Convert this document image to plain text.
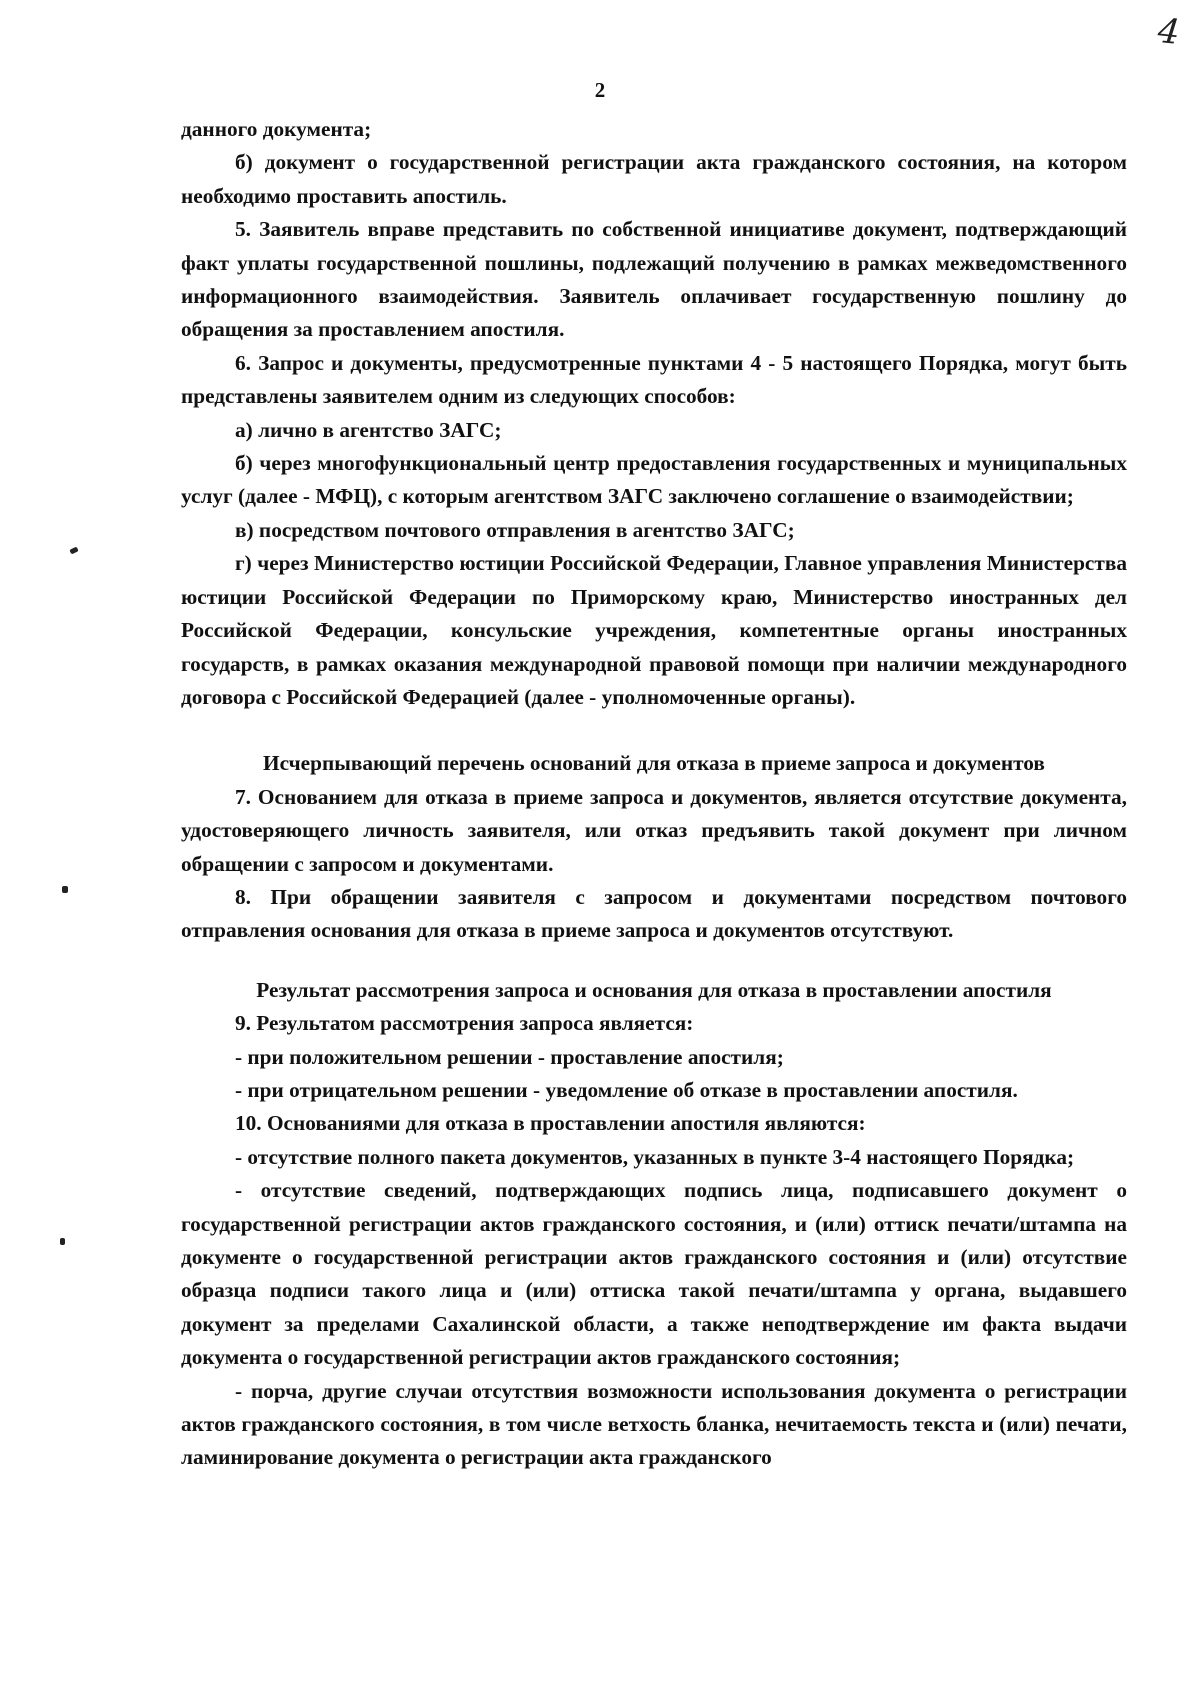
4
2

данного документа;

б) документ о государственной регистрации акта гражданского состояния, на котором необходимо проставить апостиль.

5. Заявитель вправе представить по собственной инициативе документ, подтверждающий факт уплаты государственной пошлины, подлежащий получению в рамках межведомственного информационного взаимодействия. Заявитель оплачивает государственную пошлину до обращения за проставлением апостиля.

6. Запрос и документы, предусмотренные пунктами 4 - 5 настоящего Порядка, могут быть представлены заявителем одним из следующих способов:

а) лично в агентство ЗАГС;

б) через многофункциональный центр предоставления государственных и муниципальных услуг (далее - МФЦ), с которым агентством ЗАГС заключено соглашение о взаимодействии;

в) посредством почтового отправления в агентство ЗАГС;

г) через Министерство юстиции Российской Федерации, Главное управления Министерства юстиции Российской Федерации по Приморскому краю, Министерство иностранных дел Российской Федерации, консульские учреждения, компетентные органы иностранных государств, в рамках оказания международной правовой помощи при наличии международного договора с Российской Федерацией (далее - уполномоченные органы).

Исчерпывающий перечень оснований для отказа в приеме запроса и документов

7. Основанием для отказа в приеме запроса и документов, является отсутствие документа, удостоверяющего личность заявителя, или отказ предъявить такой документ при личном обращении с запросом и документами.

8. При обращении заявителя с запросом и документами посредством почтового отправления основания для отказа в приеме запроса и документов отсутствуют.

Результат рассмотрения запроса и основания для отказа в проставлении апостиля

9. Результатом рассмотрения запроса является:

- при положительном решении - проставление апостиля;

- при отрицательном решении - уведомление об отказе в проставлении апостиля.

10. Основаниями для отказа в проставлении апостиля являются:

- отсутствие полного пакета документов, указанных в пункте 3-4 настоящего Порядка;

- отсутствие сведений, подтверждающих подпись лица, подписавшего документ о государственной регистрации актов гражданского состояния, и (или) оттиск печати/штампа на документе о государственной регистрации актов гражданского состояния и (или) отсутствие образца подписи такого лица и (или) оттиска такой печати/штампа у органа, выдавшего документ за пределами Сахалинской области, а также неподтверждение им факта выдачи документа о государственной регистрации актов гражданского состояния;

- порча, другие случаи отсутствия возможности использования документа о регистрации актов гражданского состояния, в том числе ветхость бланка, нечитаемость текста и (или) печати, ламинирование документа о регистрации акта гражданского
